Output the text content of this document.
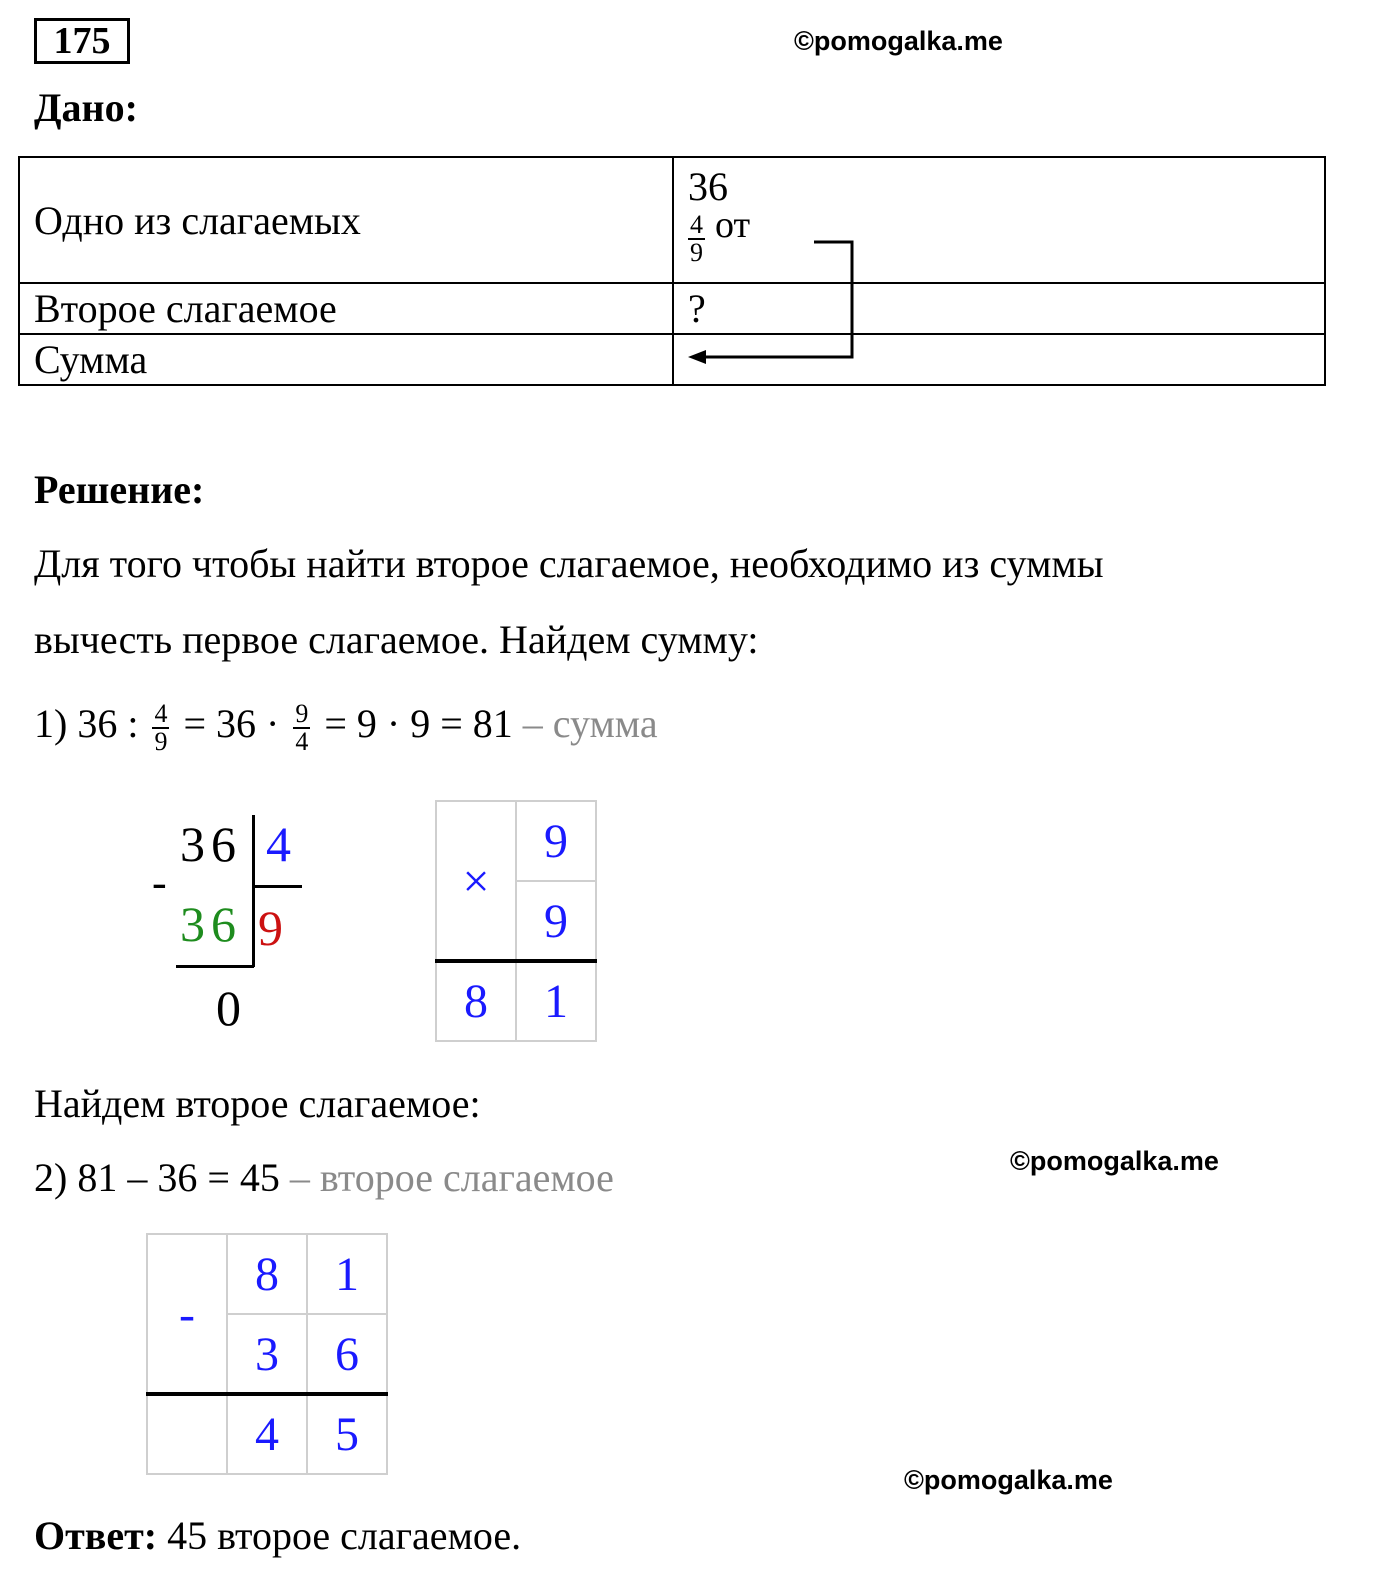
175	©pomogalka.me
Дано:
Одно из слагаемых	36
$\frac{4}{9}$ от

Второе слагаемое	?
Сумма	
Решение:
Для того чтобы найти второе слагаемое, необходимо из суммы
вычесть первое слагаемое. Найдем сумму:
1) 36 : $\frac{4}{9} = 36 \cdot \frac{9}{4} = 9 \cdot 9 = 81$ – сумма
36 4
-
36 9
0
×
9
9
8	1
Найдем второе слагаемое:
2) 81 – 36 = 45 – второе слагаемое	©pomogalka.me
-
8	1
3	6
4	5
©pomogalka.me
Ответ: 45 второе слагаемое.
